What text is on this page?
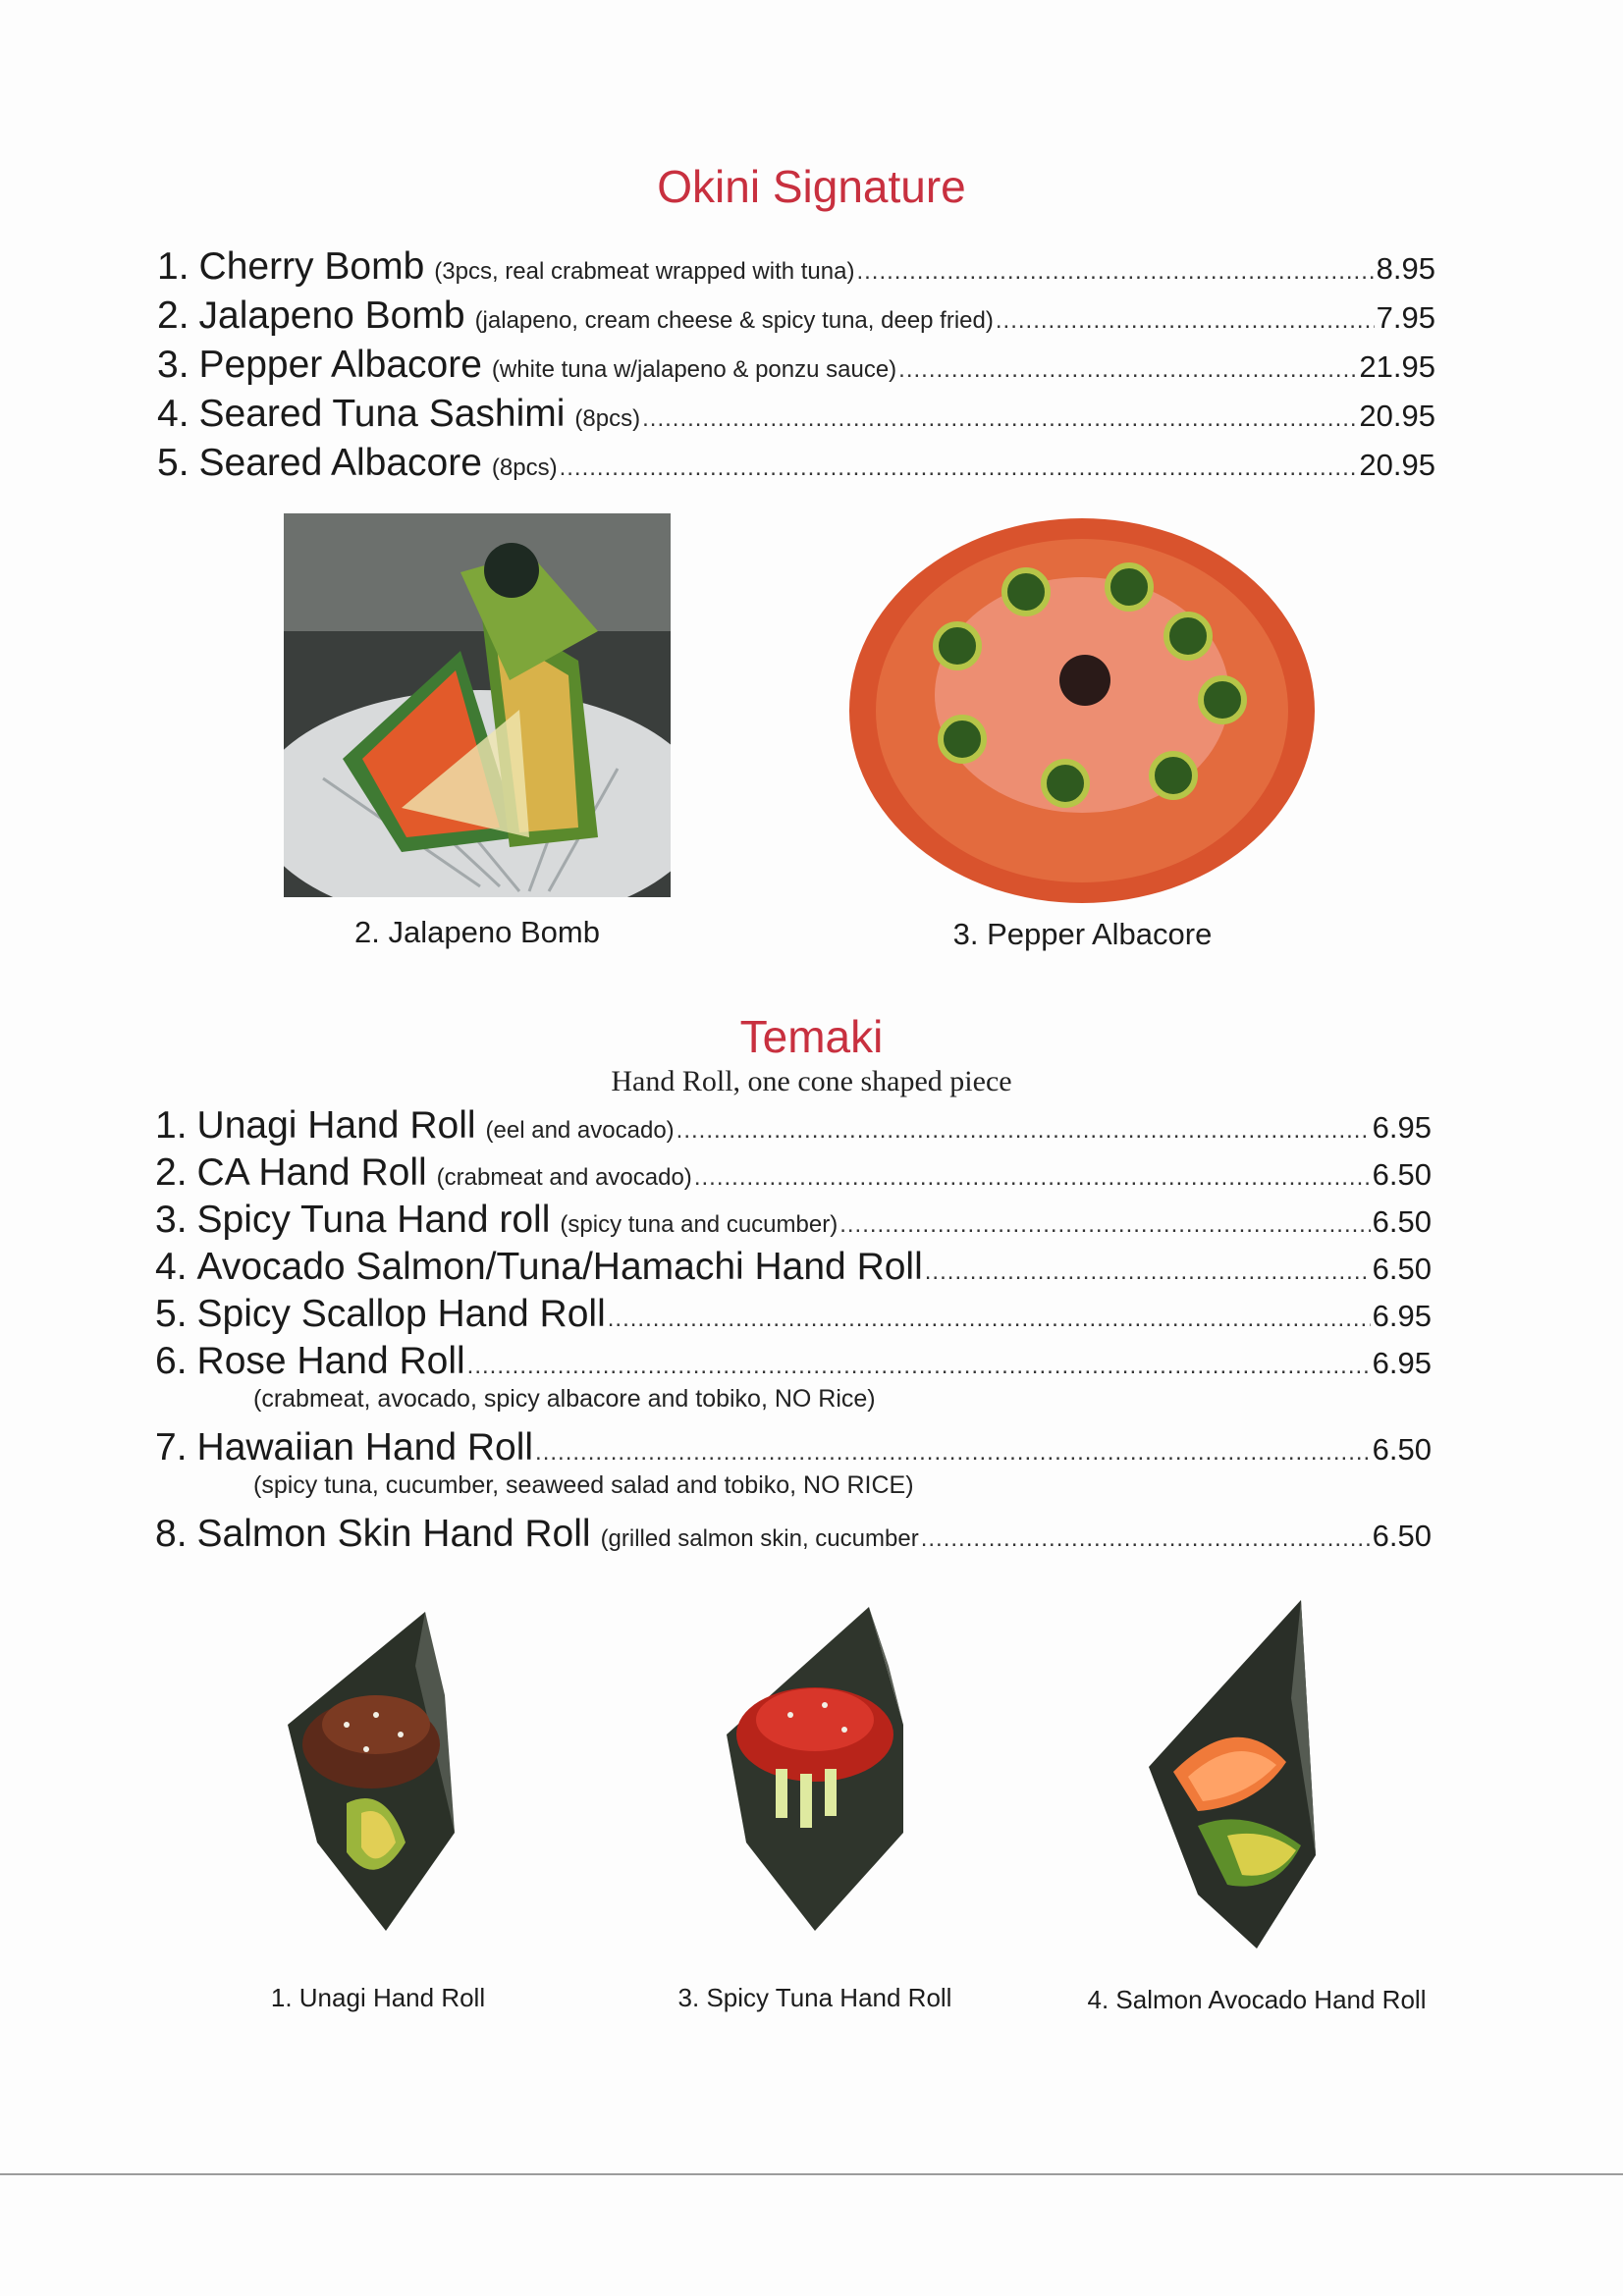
Okini Signature
1. Cherry Bomb (3pcs, real crabmeat wrapped with tuna) .....	8.95
2. Jalapeno Bomb (jalapeno, cream cheese & spicy tuna, deep fried) .....	7.95
3. Pepper Albacore (white tuna w/jalapeno & ponzu sauce) .....	21.95
4. Seared Tuna Sashimi (8pcs) .....	20.95
5. Seared Albacore (8pcs) .....	20.95
2. Jalapeno Bomb	3. Pepper Albacore
Temaki
Hand Roll, one cone shaped piece
1. Unagi Hand Roll (eel and avocado) .....	6.95
2. CA Hand Roll (crabmeat and avocado) .....	6.50
3. Spicy Tuna Hand roll (spicy tuna and cucumber) .....	6.50
4. Avocado Salmon/Tuna/Hamachi Hand Roll .....	6.50
5. Spicy Scallop Hand Roll .....	6.95
6. Rose Hand Roll .....	6.95
(crabmeat, avocado, spicy albacore and tobiko, NO Rice)
7. Hawaiian Hand Roll .....	6.50
(spicy tuna, cucumber, seaweed salad and tobiko, NO RICE)
8. Salmon Skin Hand Roll (grilled salmon skin, cucumber .....	6.50
1. Unagi Hand Roll	3. Spicy Tuna Hand Roll	4. Salmon Avocado Hand Roll
